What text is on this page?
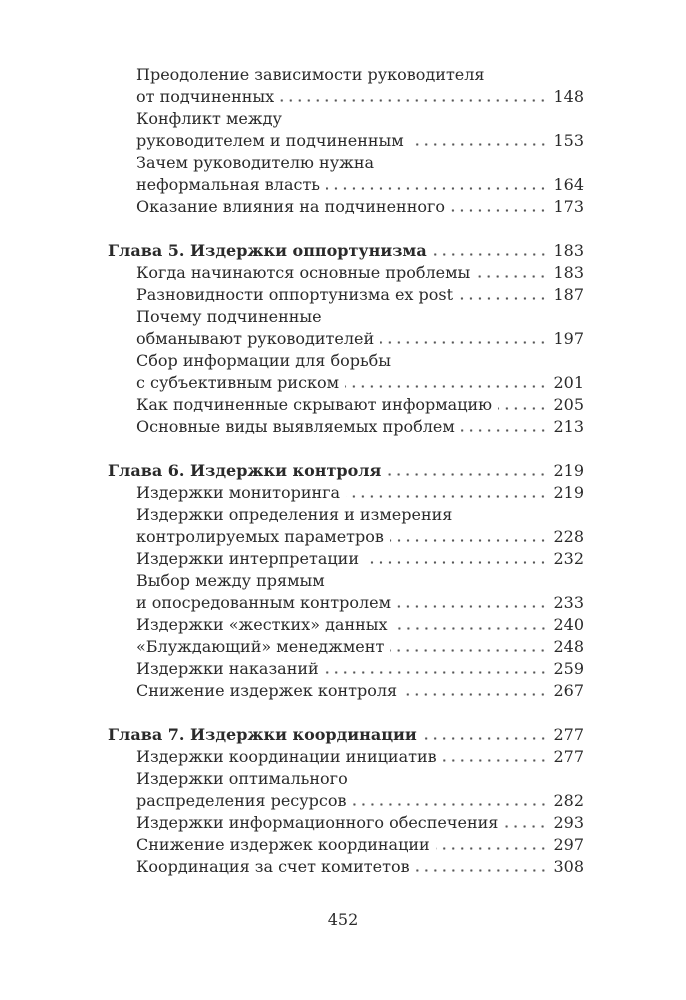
Преодоление зависимости руководителя
от подчиненных	148
Конфликт между
руководителем и подчиненным	153
Зачем руководителю нужна
неформальная власть	164
Оказание влияния на подчиненного	173
Глава 5. Издержки оппортунизма	183
Когда начинаются основные проблемы	183
Разновидности оппортунизма ex post	187
Почему подчиненные
обманывают руководителей	197
Сбор информации для борьбы
с субъективным риском	201
Как подчиненные скрывают информацию	205
Основные виды выявляемых проблем	213
Глава 6. Издержки контроля	219
Издержки мониторинга	219
Издержки определения и измерения
контролируемых параметров	228
Издержки интерпретации	232
Выбор между прямым
и опосредованным контролем	233
Издержки «жестких» данных	240
«Блуждающий» менеджмент	248
Издержки наказаний	259
Снижение издержек контроля	267
Глава 7. Издержки координации	277
Издержки координации инициатив	277
Издержки оптимального
распределения ресурсов	282
Издержки информационного обеспечения	293
Снижение издержек координации	297
Координация за счет комитетов	308
452
